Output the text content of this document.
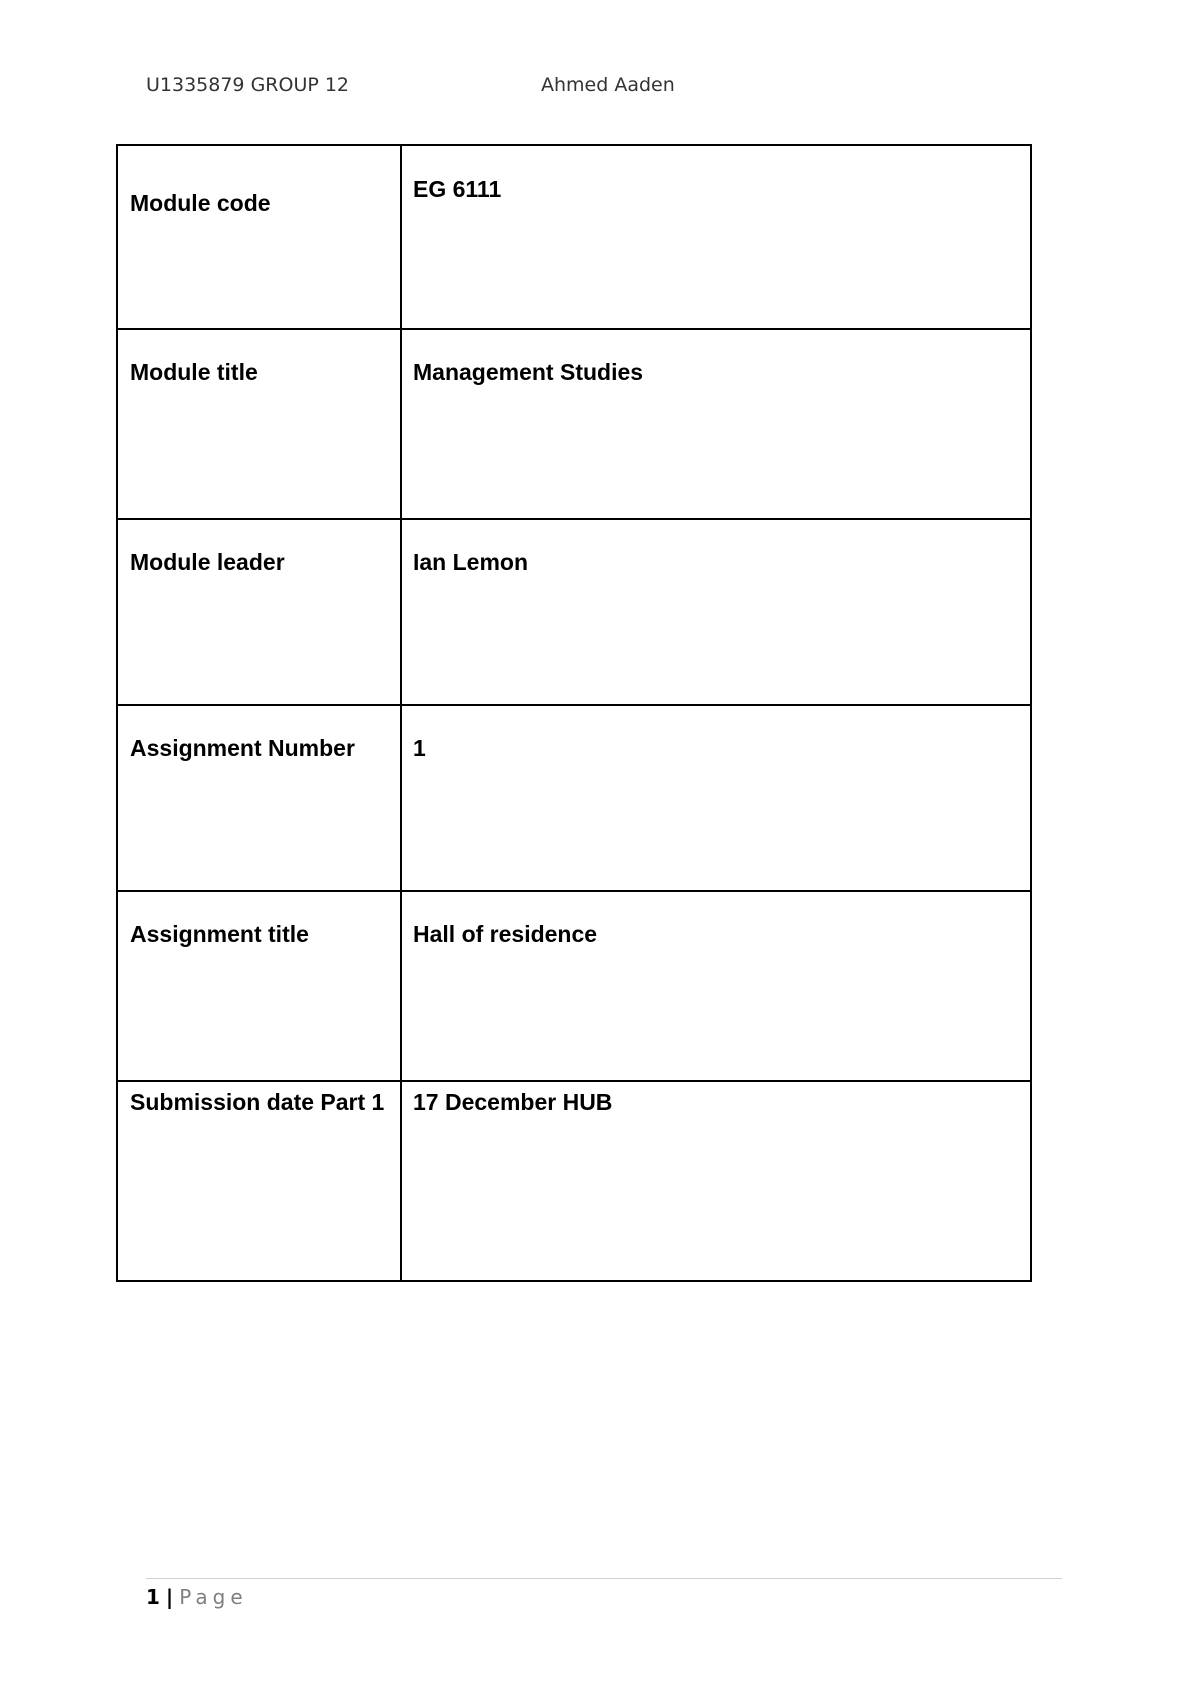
U1335879 GROUP 12	Ahmed Aaden
Module code	EG 6111
Module title	Management Studies
Module leader	Ian Lemon
Assignment Number	1
Assignment title	Hall of residence
Submission date Part 1	17 December HUB
1 | Page
